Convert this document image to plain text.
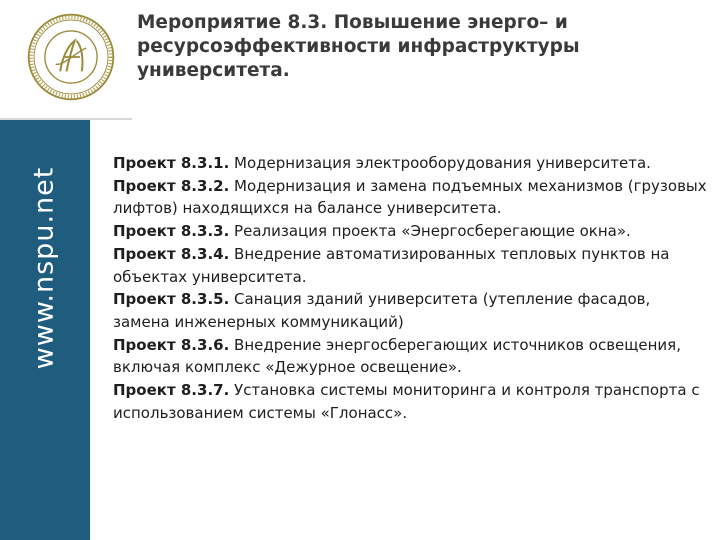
www.nspu.net
Мероприятие 8.3. Повышение энерго– и
ресурсоэффективности инфраструктуры
университета.

Проект 8.3.1. Модернизация электрооборудования университета.

Проект 8.3.2. Модернизация и замена подъемных механизмов (грузовых лифтов) находящихся на балансе университета.

Проект 8.3.3. Реализация проекта «Энергосберегающие окна».

Проект 8.3.4. Внедрение автоматизированных тепловых пунктов на объектах университета.

Проект 8.3.5. Санация зданий университета (утепление фасадов, замена инженерных коммуникаций)

Проект 8.3.6. Внедрение энергосберегающих источников освещения, включая комплекс «Дежурное освещение».

Проект 8.3.7. Установка системы мониторинга и контроля транспорта с использованием системы «Глонасс».
